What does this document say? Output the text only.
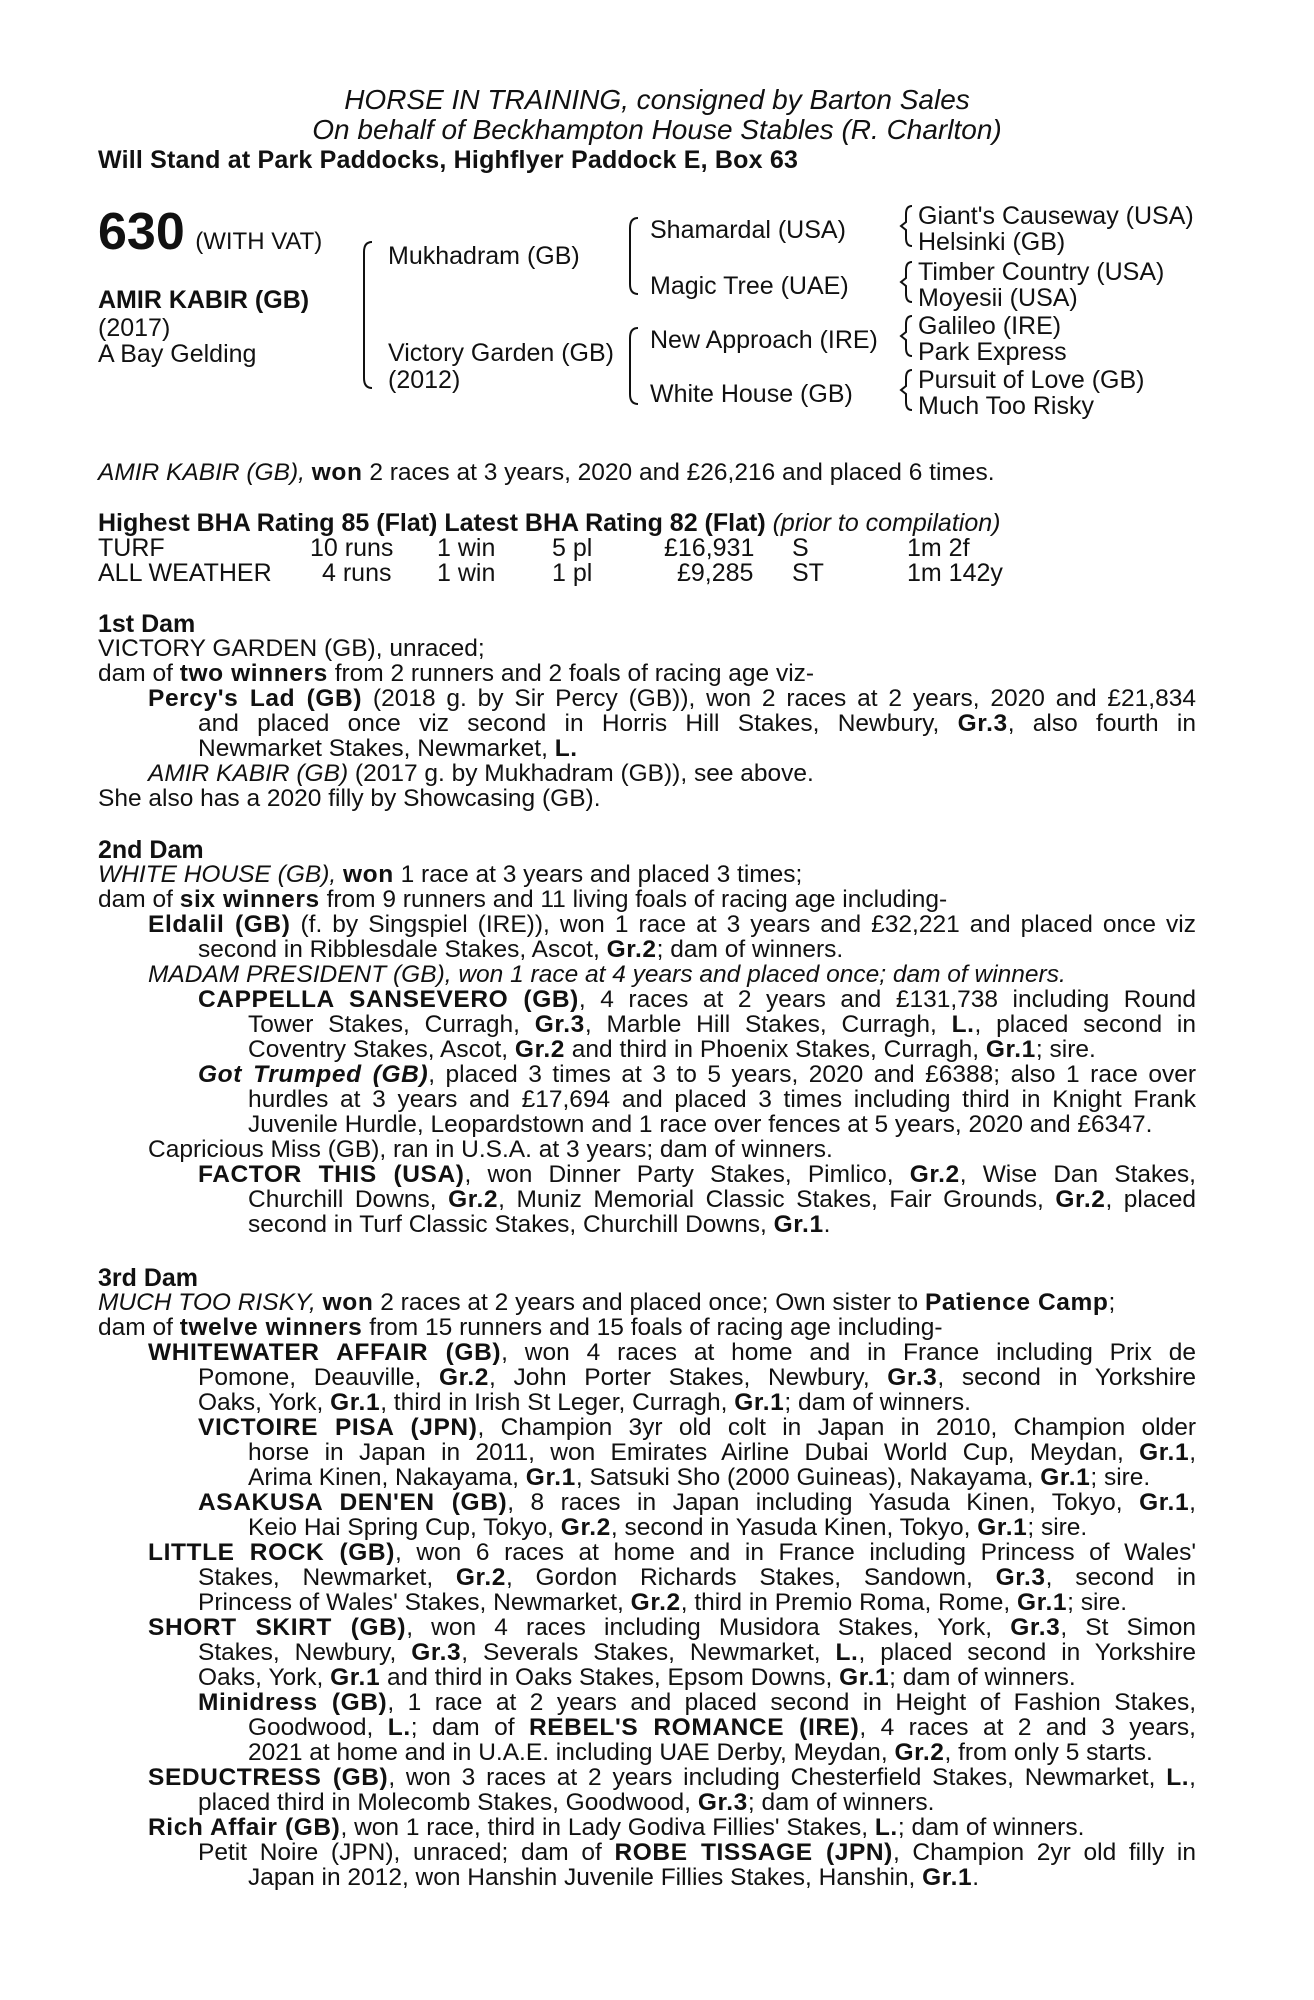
HORSE IN TRAINING, consigned by Barton Sales
On behalf of Beckhampton House Stables (R. Charlton)
Will Stand at Park Paddocks, Highflyer Paddock E, Box 63
630 (WITH VAT)
AMIR KABIR (GB)
(2017)
A Bay Gelding
Mukhadram (GB)
Victory Garden (GB)
(2012)
Shamardal (USA)
Magic Tree (UAE)
New Approach (IRE)
White House (GB)
Giant's Causeway (USA)
Helsinki (GB)
Timber Country (USA)
Moyesii (USA)
Galileo (IRE)
Park Express
Pursuit of Love (GB)
Much Too Risky
AMIR KABIR (GB), won 2 races at 3 years, 2020 and £26,216 and placed 6 times.
Highest BHA Rating 85 (Flat) Latest BHA Rating 82 (Flat) (prior to compilation)
TURF	10 runs 1 win 5 pl	£16,931 S	1m 2f
ALL WEATHER 4 runs 1 win 1 pl	£9,285 ST	1m 142y
1st Dam
VICTORY GARDEN (GB), unraced;
dam of two winners from 2 runners and 2 foals of racing age viz-
Percy's Lad (GB) (2018 g. by Sir Percy (GB)), won 2 races at 2 years, 2020 and £21,834
and placed once viz second in Horris Hill Stakes, Newbury, Gr.3, also fourth in
Newmarket Stakes, Newmarket, L.
AMIR KABIR (GB) (2017 g. by Mukhadram (GB)), see above.
She also has a 2020 filly by Showcasing (GB).
2nd Dam
WHITE HOUSE (GB), won 1 race at 3 years and placed 3 times;
dam of six winners from 9 runners and 11 living foals of racing age including-
Eldalil (GB) (f. by Singspiel (IRE)), won 1 race at 3 years and £32,221 and placed once viz
second in Ribblesdale Stakes, Ascot, Gr.2; dam of winners.
MADAM PRESIDENT (GB), won 1 race at 4 years and placed once; dam of winners.
CAPPELLA SANSEVERO (GB), 4 races at 2 years and £131,738 including Round
Tower Stakes, Curragh, Gr.3, Marble Hill Stakes, Curragh, L., placed second in
Coventry Stakes, Ascot, Gr.2 and third in Phoenix Stakes, Curragh, Gr.1; sire.
Got Trumped (GB), placed 3 times at 3 to 5 years, 2020 and £6388; also 1 race over
hurdles at 3 years and £17,694 and placed 3 times including third in Knight Frank
Juvenile Hurdle, Leopardstown and 1 race over fences at 5 years, 2020 and £6347.
Capricious Miss (GB), ran in U.S.A. at 3 years; dam of winners.
FACTOR THIS (USA), won Dinner Party Stakes, Pimlico, Gr.2, Wise Dan Stakes,
Churchill Downs, Gr.2, Muniz Memorial Classic Stakes, Fair Grounds, Gr.2, placed
second in Turf Classic Stakes, Churchill Downs, Gr.1.
3rd Dam
MUCH TOO RISKY, won 2 races at 2 years and placed once; Own sister to Patience Camp;
dam of twelve winners from 15 runners and 15 foals of racing age including-
WHITEWATER AFFAIR (GB), won 4 races at home and in France including Prix de
Pomone, Deauville, Gr.2, John Porter Stakes, Newbury, Gr.3, second in Yorkshire
Oaks, York, Gr.1, third in Irish St Leger, Curragh, Gr.1; dam of winners.
VICTOIRE PISA (JPN), Champion 3yr old colt in Japan in 2010, Champion older
horse in Japan in 2011, won Emirates Airline Dubai World Cup, Meydan, Gr.1,
Arima Kinen, Nakayama, Gr.1, Satsuki Sho (2000 Guineas), Nakayama, Gr.1; sire.
ASAKUSA DEN'EN (GB), 8 races in Japan including Yasuda Kinen, Tokyo, Gr.1,
Keio Hai Spring Cup, Tokyo, Gr.2, second in Yasuda Kinen, Tokyo, Gr.1; sire.
LITTLE ROCK (GB), won 6 races at home and in France including Princess of Wales'
Stakes, Newmarket, Gr.2, Gordon Richards Stakes, Sandown, Gr.3, second in
Princess of Wales' Stakes, Newmarket, Gr.2, third in Premio Roma, Rome, Gr.1; sire.
SHORT SKIRT (GB), won 4 races including Musidora Stakes, York, Gr.3, St Simon
Stakes, Newbury, Gr.3, Severals Stakes, Newmarket, L., placed second in Yorkshire
Oaks, York, Gr.1 and third in Oaks Stakes, Epsom Downs, Gr.1; dam of winners.
Minidress (GB), 1 race at 2 years and placed second in Height of Fashion Stakes,
Goodwood, L.; dam of REBEL'S ROMANCE (IRE), 4 races at 2 and 3 years,
2021 at home and in U.A.E. including UAE Derby, Meydan, Gr.2, from only 5 starts.
SEDUCTRESS (GB), won 3 races at 2 years including Chesterfield Stakes, Newmarket, L.,
placed third in Molecomb Stakes, Goodwood, Gr.3; dam of winners.
Rich Affair (GB), won 1 race, third in Lady Godiva Fillies' Stakes, L.; dam of winners.
Petit Noire (JPN), unraced; dam of ROBE TISSAGE (JPN), Champion 2yr old filly in
Japan in 2012, won Hanshin Juvenile Fillies Stakes, Hanshin, Gr.1.
